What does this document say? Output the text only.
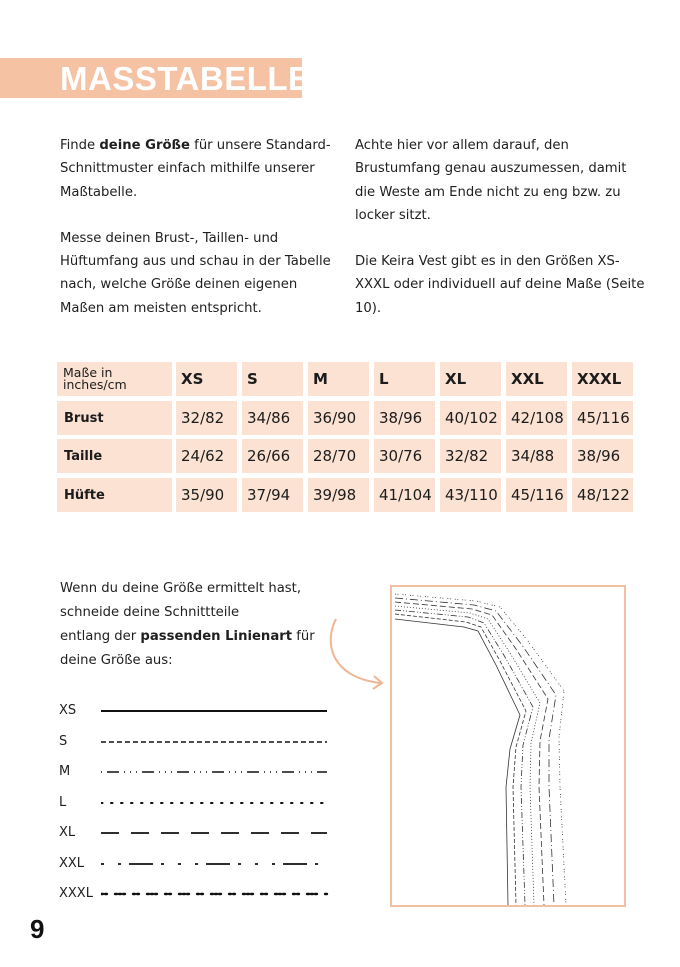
MASSTABELLE

Finde deine Größe für unsere Standard-Schnittmuster einfach mithilfe unserer Maßtabelle.

Messe deinen Brust-, Taillen- und Hüftumfang aus und schau in der Tabelle nach, welche Größe deinen eigenen Maßen am meisten entspricht.

Achte hier vor allem darauf, den Brustumfang genau auszumessen, damit die Weste am Ende nicht zu eng bzw. zu locker sitzt.

Die Keira Vest gibt es in den Größen XS-XXXL oder individuell auf deine Maße (Seite 10).

Maße in
inches/cm	XS	S	M	L	XL	XXL	XXXL
Brust	32/82	34/86	36/90	38/96	40/102 42/108 45/116
Taille	24/62	26/66	28/70	30/76	32/82	34/88	38/96
Hüfte	35/90	37/94	39/98	41/104 43/110 45/116 48/122
Wenn du deine Größe ermittelt hast,
schneide deine Schnittteile
entlang der passenden Linienart für
deine Größe aus:
XS
S
M
L
XL
XXL
XXXL
9
